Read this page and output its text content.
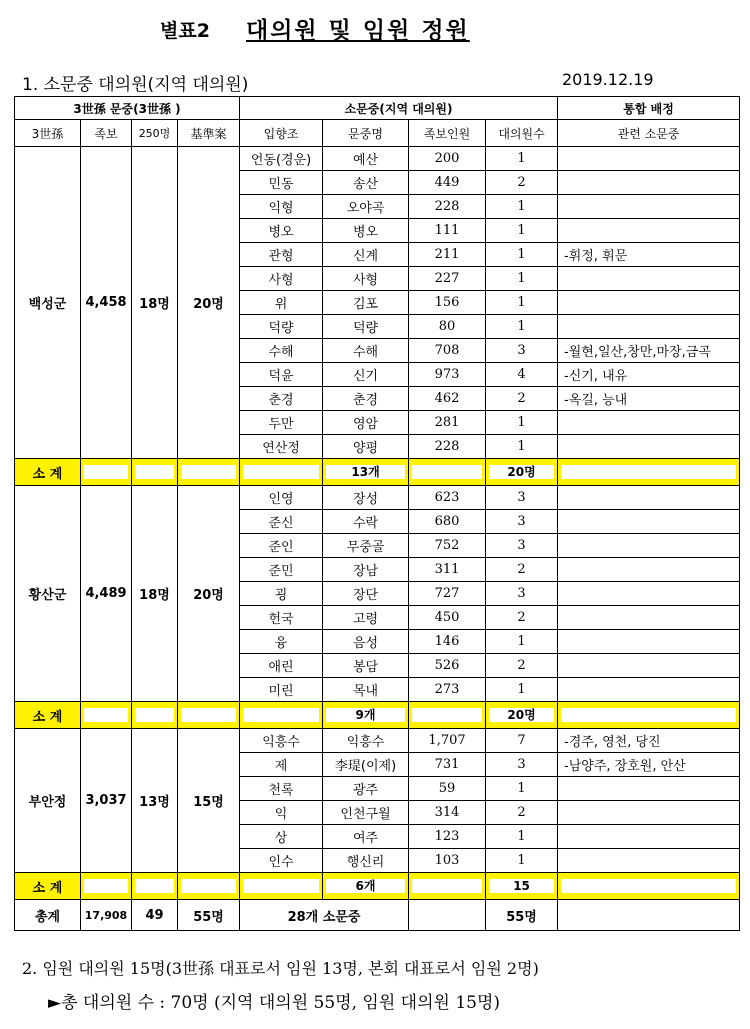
별표2 대의원 및 임원 정원
1. 소문중 대의원(지역 대의원)	2019.12.19
3世孫 문중(3世孫 )				소문중(지역 대의원)				통합 배정
3世孫	족보	250명	基準案	입향조	문중명	족보인원	대의원수	관련 소문중
백성군	4,458	18명	20명	언동(경운)	예산	200	1	
				민동	송산	449	2	
				익형	오야곡	228	1	
				병오	병오	111	1	
				관형	신계	211	1	-휘정, 휘문
				사형	사형	227	1	
				위	김포	156	1	
				덕량	덕량	80	1	
				수해	수해	708	3	-월현,일산,창만,마장,금곡
				덕윤	신기	973	4	-신기, 내유
				춘경	춘경	462	2	-옥길, 능내
				두만	영암	281	1	
				연산정	양평	228	1	
소 계					13개		20명	

황산군	4,489	18명	20명	인영	장성	623	3	
				준신	수락	680	3	
				준인	무중골	752	3	
				준민	장남	311	2	
				굉	장단	727	3	
				헌국	고령	450	2	
				융	음성	146	1	
				애린	봉담	526	2	
				미린	목내	273	1	
소 계					9개		20명	

부안정	3,037	13명	15명	익흥수	익흥수	1,707	7	-경주, 영천, 당진
				제	李瑅(이제)	731	3	-남양주, 장호원, 안산
				천록	광주	59	1	
				익	인천구월	314	2	
				상	여주	123	1	
				인수	행신리	103	1	
소 계					6개		15	

총계	17,908	49	55명	28개 소문중			55명	
2. 임원 대의원 15명(3世孫 대표로서 임원 13명, 본회 대표로서 임원 2명)
►총 대의원 수 : 70명 (지역 대의원 55명, 임원 대의원 15명)
